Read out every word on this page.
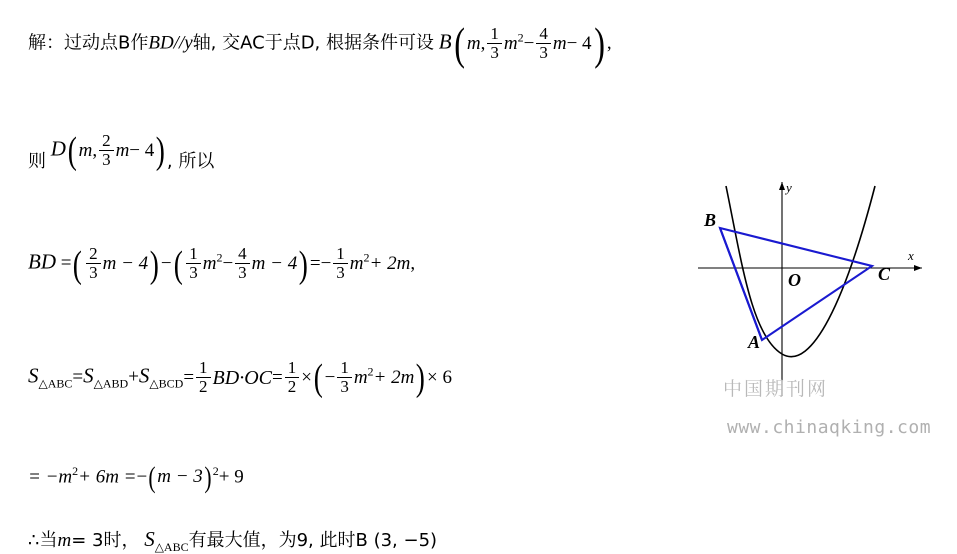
解：过动点B作BD//y轴, 交AC于点D, 根据条件可设 B( m, $\frac{1}{3} m^2- \frac{4}{3} m- 4$) ,
则 D(m, $\frac{2}{3} m- 4$), 所以
BD =( $\frac{2}{3}$ $m - 4)-( \frac{1}{3} m^2- \frac{4}{3}$ $m - 4)=- \frac{1}{3} m^2+ 2m$,
$S_{\triangle ABC}=S_{\triangle ABD}+S_{\triangle BCD}= \frac{1}{2} BD\cdot OC= \frac{1}{2}$ ×(− $\frac{1}{3} m^2+ 2m)\times 6$
= $-m^2+ 6m =-(m - 3)^2+ 9$
∴当m= 3时， $S_{\triangle ABC}$有最大值，为9, 此时B (3, −5)
B
C
A
O
y
x
中国期刊网
www.chinaqking.com
